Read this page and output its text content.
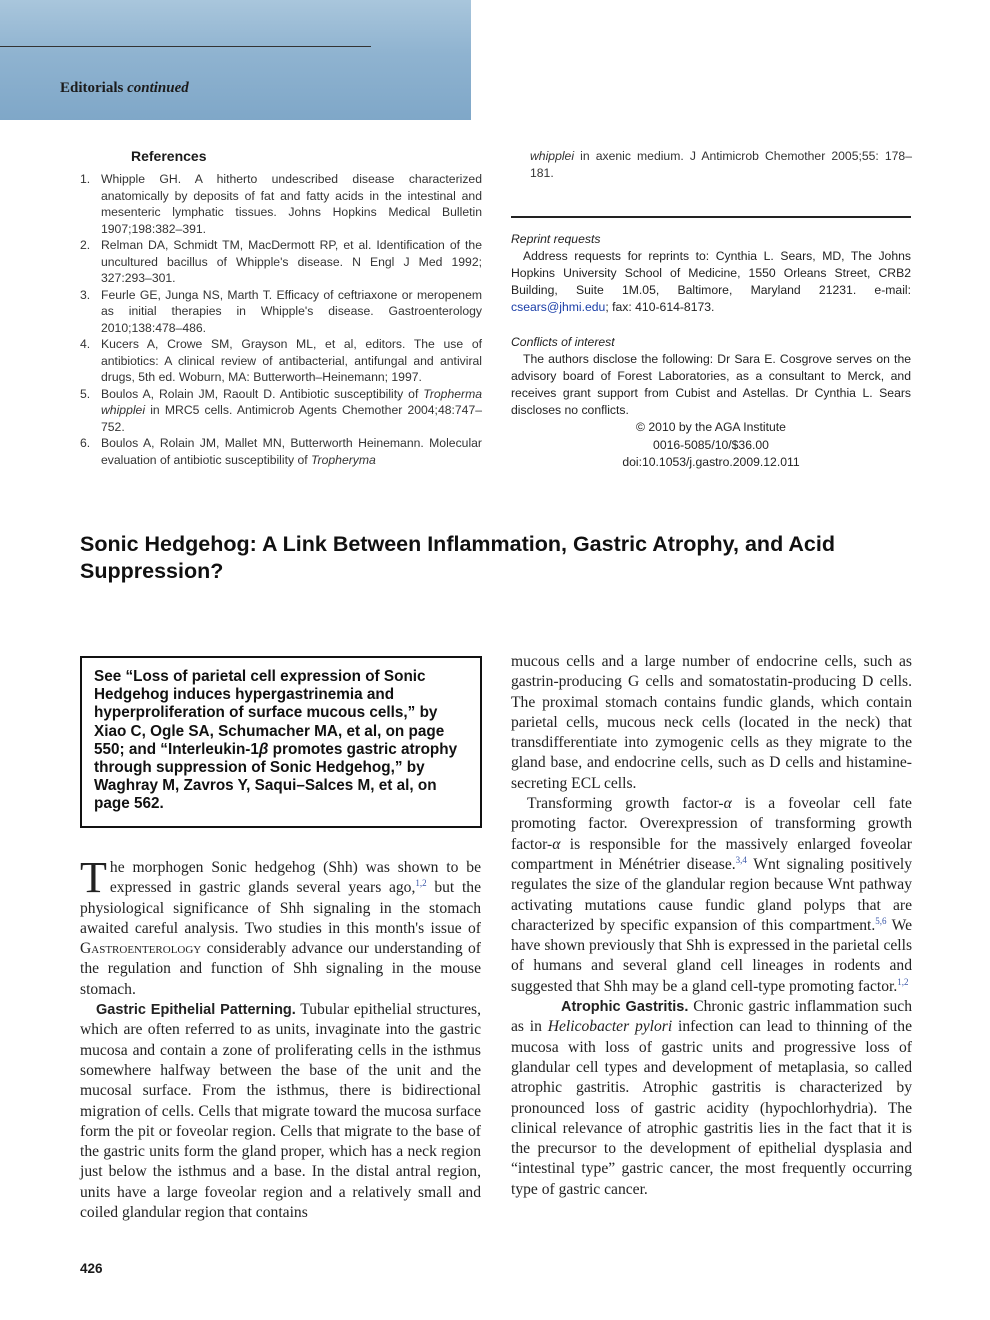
Editorials continued
References
1. Whipple GH. A hitherto undescribed disease characterized anatomically by deposits of fat and fatty acids in the intestinal and mesenteric lymphatic tissues. Johns Hopkins Medical Bulletin 1907;198:382–391.
2. Relman DA, Schmidt TM, MacDermott RP, et al. Identification of the uncultured bacillus of Whipple's disease. N Engl J Med 1992; 327:293–301.
3. Feurle GE, Junga NS, Marth T. Efficacy of ceftriaxone or meropenem as initial therapies in Whipple's disease. Gastroenterology 2010;138:478–486.
4. Kucers A, Crowe SM, Grayson ML, et al, editors. The use of antibiotics: A clinical review of antibacterial, antifungal and antiviral drugs, 5th ed. Woburn, MA: Butterworth–Heinemann; 1997.
5. Boulos A, Rolain JM, Raoult D. Antibiotic susceptibility of Tropherma whipplei in MRC5 cells. Antimicrob Agents Chemother 2004;48:747–752.
6. Boulos A, Rolain JM, Mallet MN, Butterworth Heinemann. Molecular evaluation of antibiotic susceptibility of Tropheryma

whipplei in axenic medium. J Antimicrob Chemother 2005;55: 178–181.

Reprint requests

Address requests for reprints to: Cynthia L. Sears, MD, The Johns Hopkins University School of Medicine, 1550 Orleans Street, CRB2 Building, Suite 1M.05, Baltimore, Maryland 21231. e-mail: csears@jhmi.edu; fax: 410-614-8173.

Conflicts of interest

The authors disclose the following: Dr Sara E. Cosgrove serves on the advisory board of Forest Laboratories, as a consultant to Merck, and receives grant support from Cubist and Astellas. Dr Cynthia L. Sears discloses no conflicts.

© 2010 by the AGA Institute
0016-5085/10/$36.00
doi:10.1053/j.gastro.2009.12.011
Sonic Hedgehog: A Link Between Inflammation, Gastric Atrophy, and Acid Suppression?
See “Loss of parietal cell expression of Sonic Hedgehog induces hypergastrinemia and hyperproliferation of surface mucous cells,” by Xiao C, Ogle SA, Schumacher MA, et al, on page 550; and “Interleukin-1β promotes gastric atrophy through suppression of Sonic Hedgehog,” by Waghray M, Zavros Y, Saqui–Salces M, et al, on page 562.

The morphogen Sonic hedgehog (Shh) was shown to be expressed in gastric glands several years ago,$^{1,2}$ but the physiological significance of Shh signaling in the stomach awaited careful analysis. Two studies in this month's issue of Gastroenterology considerably advance our understanding of the regulation and function of Shh signaling in the mouse stomach.

Gastric Epithelial Patterning. Tubular epithelial structures, which are often referred to as units, invaginate into the gastric mucosa and contain a zone of proliferating cells in the isthmus somewhere halfway between the base of the unit and the mucosal surface. From the isthmus, there is bidirectional migration of cells. Cells that migrate toward the mucosa surface form the pit or foveolar region. Cells that migrate to the base of the gastric units form the gland proper, which has a neck region just below the isthmus and a base. In the distal antral region, units have a large foveolar region and a relatively small and coiled glandular region that contains

mucous cells and a large number of endocrine cells, such as gastrin-producing G cells and somatostatin-producing D cells. The proximal stomach contains fundic glands, which contain parietal cells, mucous neck cells (located in the neck) that transdifferentiate into zymogenic cells as they migrate to the gland base, and endocrine cells, such as D cells and histamine-secreting ECL cells.

Transforming growth factor-α is a foveolar cell fate promoting factor. Overexpression of transforming growth factor-α is responsible for the massively enlarged foveolar compartment in Ménétrier disease.$^{3,4}$ Wnt signaling positively regulates the size of the glandular region because Wnt pathway activating mutations cause fundic gland polyps that are characterized by specific expansion of this compartment.$^{5,6}$ We have shown previously that Shh is expressed in the parietal cells of humans and several gland cell lineages in rodents and suggested that Shh may be a gland cell-type promoting factor.$^{1,2}$

Atrophic Gastritis. Chronic gastric inflammation such as in Helicobacter pylori infection can lead to thinning of the mucosa with loss of gastric units and progressive loss of glandular cell types and development of metaplasia, so called atrophic gastritis. Atrophic gastritis is characterized by pronounced loss of gastric acidity (hypochlorhydria). The clinical relevance of atrophic gastritis lies in the fact that it is the precursor to the development of epithelial dysplasia and “intestinal type” gastric cancer, the most frequently occurring type of gastric cancer.

426
